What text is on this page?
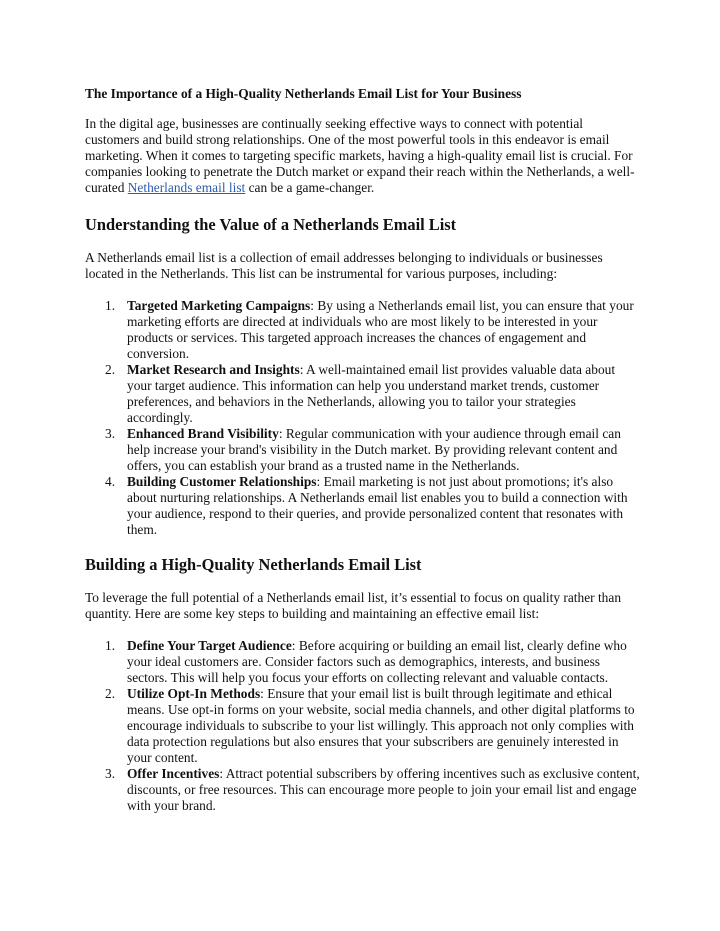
The Importance of a High-Quality Netherlands Email List for Your Business

In the digital age, businesses are continually seeking effective ways to connect with potential customers and build strong relationships. One of the most powerful tools in this endeavor is email marketing. When it comes to targeting specific markets, having a high-quality email list is crucial. For companies looking to penetrate the Dutch market or expand their reach within the Netherlands, a well-curated Netherlands email list can be a game-changer.

Understanding the Value of a Netherlands Email List

A Netherlands email list is a collection of email addresses belonging to individuals or businesses located in the Netherlands. This list can be instrumental for various purposes, including:

1. Targeted Marketing Campaigns: By using a Netherlands email list, you can ensure that your marketing efforts are directed at individuals who are most likely to be interested in your products or services. This targeted approach increases the chances of engagement and conversion.
2. Market Research and Insights: A well-maintained email list provides valuable data about your target audience. This information can help you understand market trends, customer preferences, and behaviors in the Netherlands, allowing you to tailor your strategies accordingly.
3. Enhanced Brand Visibility: Regular communication with your audience through email can help increase your brand's visibility in the Dutch market. By providing relevant content and offers, you can establish your brand as a trusted name in the Netherlands.
4. Building Customer Relationships: Email marketing is not just about promotions; it's also about nurturing relationships. A Netherlands email list enables you to build a connection with your audience, respond to their queries, and provide personalized content that resonates with them.
Building a High-Quality Netherlands Email List

To leverage the full potential of a Netherlands email list, it’s essential to focus on quality rather than quantity. Here are some key steps to building and maintaining an effective email list:

1. Define Your Target Audience: Before acquiring or building an email list, clearly define who your ideal customers are. Consider factors such as demographics, interests, and business sectors. This will help you focus your efforts on collecting relevant and valuable contacts.
2. Utilize Opt-In Methods: Ensure that your email list is built through legitimate and ethical means. Use opt-in forms on your website, social media channels, and other digital platforms to encourage individuals to subscribe to your list willingly. This approach not only complies with data protection regulations but also ensures that your subscribers are genuinely interested in your content.
3. Offer Incentives: Attract potential subscribers by offering incentives such as exclusive content, discounts, or free resources. This can encourage more people to join your email list and engage with your brand.
